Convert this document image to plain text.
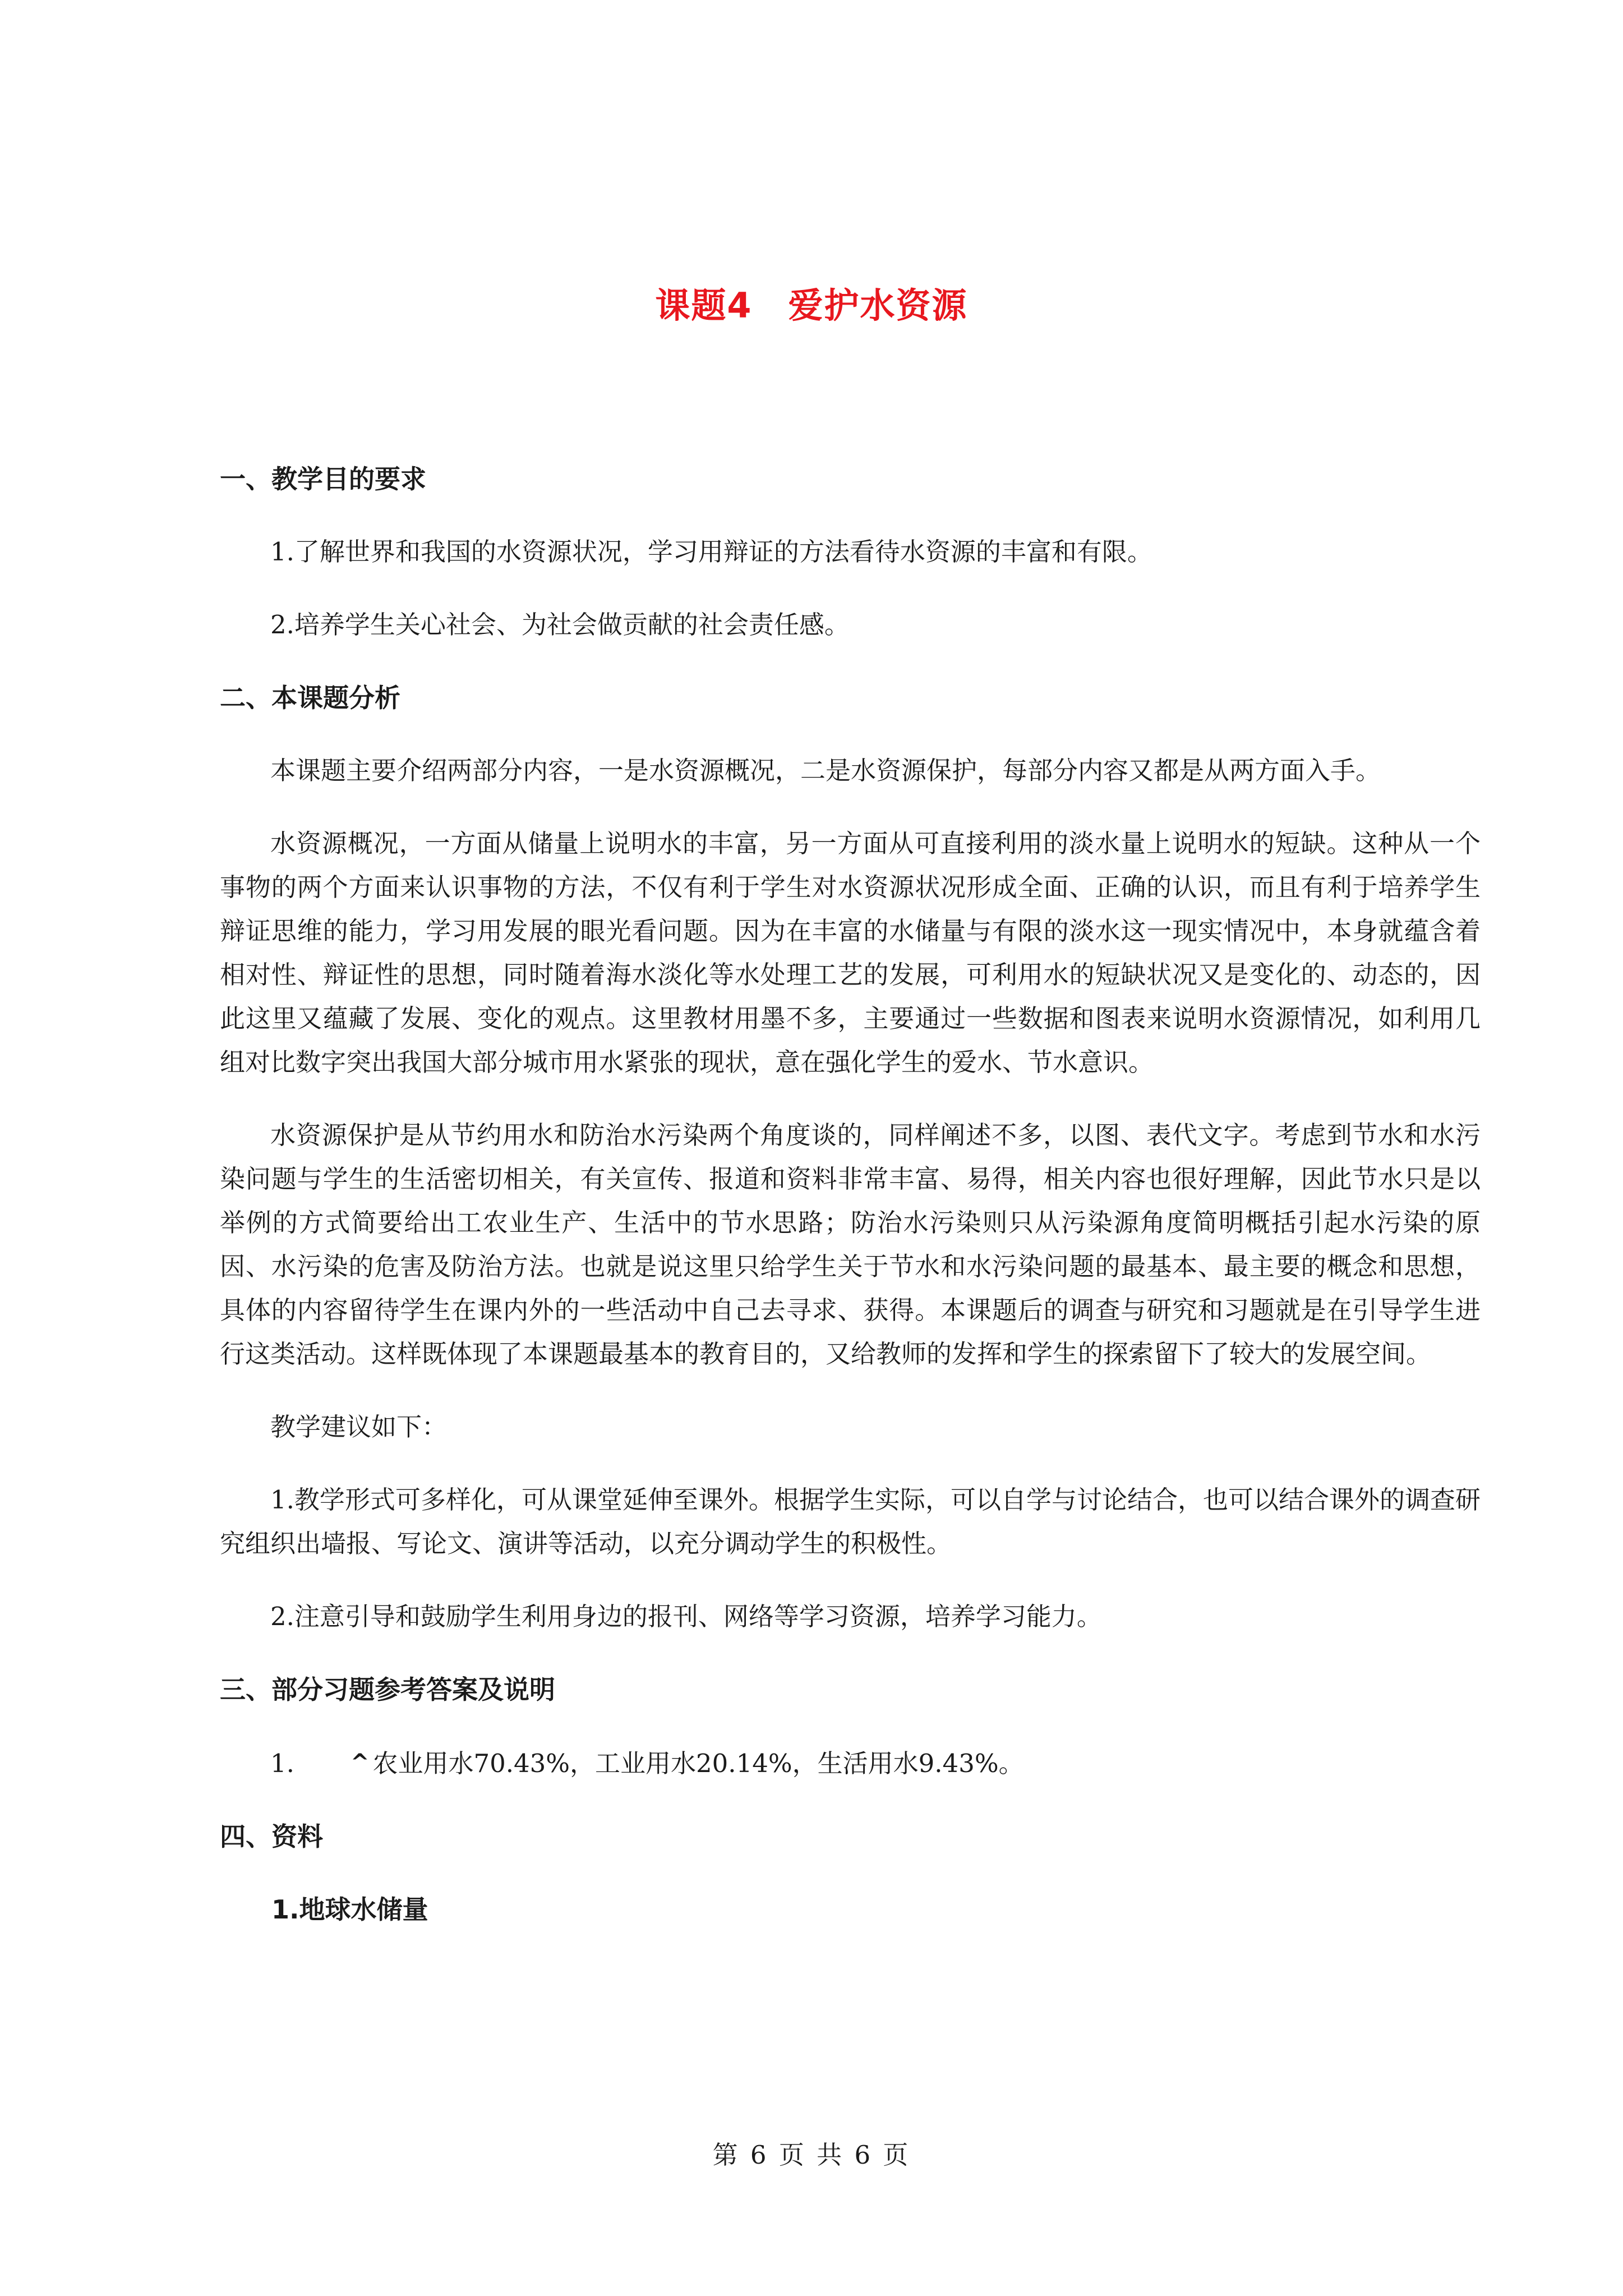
课题4　爱护水资源

一、教学目的要求

1.了解世界和我国的水资源状况，学习用辩证的方法看待水资源的丰富和有限。

2.培养学生关心社会、为社会做贡献的社会责任感。

二、本课题分析

本课题主要介绍两部分内容，一是水资源概况，二是水资源保护，每部分内容又都是从两方面入手。

水资源概况，一方面从储量上说明水的丰富，另一方面从可直接利用的淡水量上说明水的短缺。这种从一个事物的两个方面来认识事物的方法，不仅有利于学生对水资源状况形成全面、正确的认识，而且有利于培养学生辩证思维的能力，学习用发展的眼光看问题。因为在丰富的水储量与有限的淡水这一现实情况中，本身就蕴含着相对性、辩证性的思想，同时随着海水淡化等水处理工艺的发展，可利用水的短缺状况又是变化的、动态的，因此这里又蕴藏了发展、变化的观点。这里教材用墨不多，主要通过一些数据和图表来说明水资源情况，如利用几组对比数字突出我国大部分城市用水紧张的现状，意在强化学生的爱水、节水意识。

水资源保护是从节约用水和防治水污染两个角度谈的，同样阐述不多，以图、表代文字。考虑到节水和水污染问题与学生的生活密切相关，有关宣传、报道和资料非常丰富、易得，相关内容也很好理解，因此节水只是以举例的方式简要给出工农业生产、生活中的节水思路；防治水污染则只从污染源角度简明概括引起水污染的原因、水污染的危害及防治方法。也就是说这里只给学生关于节水和水污染问题的最基本、最主要的概念和思想，具体的内容留待学生在课内外的一些活动中自己去寻求、获得。本课题后的调查与研究和习题就是在引导学生进行这类活动。这样既体现了本课题最基本的教育目的，又给教师的发挥和学生的探索留下了较大的发展空间。

教学建议如下：

1.教学形式可多样化，可从课堂延伸至课外。根据学生实际，可以自学与讨论结合，也可以结合课外的调查研究组织出墙报、写论文、演讲等活动，以充分调动学生的积极性。

2.注意引导和鼓励学生利用身边的报刊、网络等学习资源，培养学习能力。

三、部分习题参考答案及说明

1.	^ 农业用水70.43%，工业用水20.14%，生活用水9.43%。

四、资料

1.地球水储量

第 6 页 共 6 页
